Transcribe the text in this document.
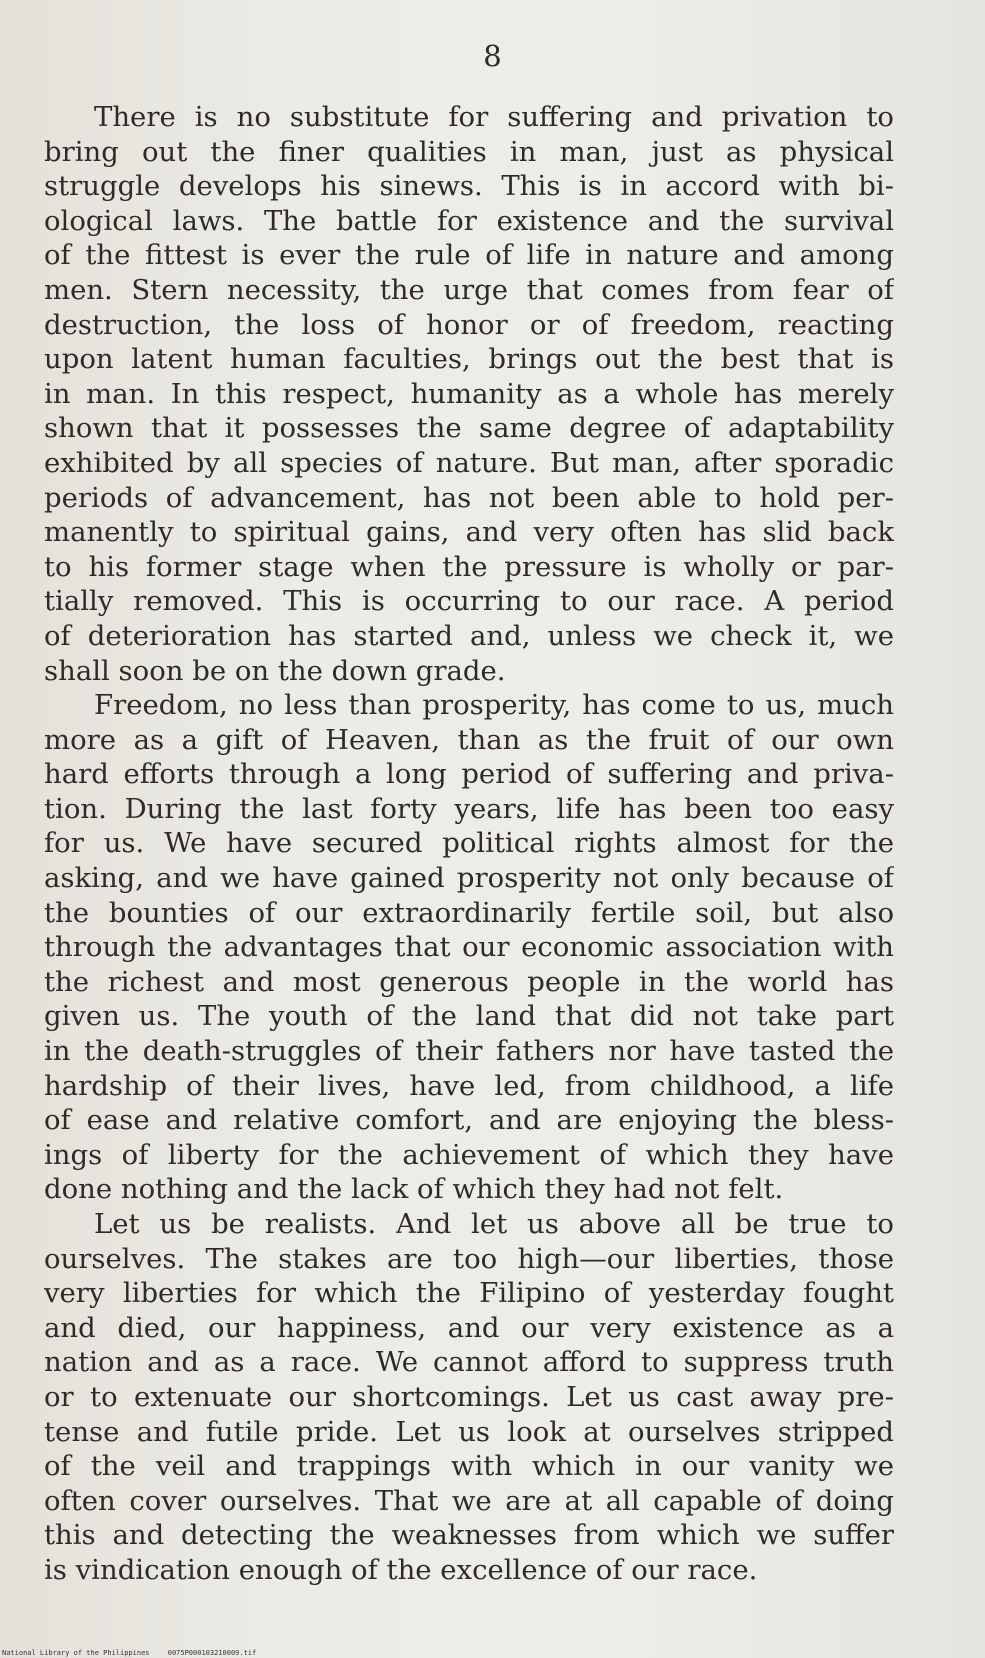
8
There is no substitute for suffering and privation to
bring out the finer qualities in man, just as physical
struggle develops his sinews. This is in accord with bi-
ological laws. The battle for existence and the survival
of the fittest is ever the rule of life in nature and among
men. Stern necessity, the urge that comes from fear of
destruction, the loss of honor or of freedom, reacting
upon latent human faculties, brings out the best that is
in man. In this respect, humanity as a whole has merely
shown that it possesses the same degree of adaptability
exhibited by all species of nature. But man, after sporadic
periods of advancement, has not been able to hold per-
manently to spiritual gains, and very often has slid back
to his former stage when the pressure is wholly or par-
tially removed. This is occurring to our race. A period
of deterioration has started and, unless we check it, we
shall soon be on the down grade.
Freedom, no less than prosperity, has come to us, much
more as a gift of Heaven, than as the fruit of our own
hard efforts through a long period of suffering and priva-
tion. During the last forty years, life has been too easy
for us. We have secured political rights almost for the
asking, and we have gained prosperity not only because of
the bounties of our extraordinarily fertile soil, but also
through the advantages that our economic association with
the richest and most generous people in the world has
given us. The youth of the land that did not take part
in the death-struggles of their fathers nor have tasted the
hardship of their lives, have led, from childhood, a life
of ease and relative comfort, and are enjoying the bless-
ings of liberty for the achievement of which they have
done nothing and the lack of which they had not felt.
Let us be realists. And let us above all be true to
ourselves. The stakes are too high—our liberties, those
very liberties for which the Filipino of yesterday fought
and died, our happiness, and our very existence as a
nation and as a race. We cannot afford to suppress truth
or to extenuate our shortcomings. Let us cast away pre-
tense and futile pride. Let us look at ourselves stripped
of the veil and trappings with which in our vanity we
often cover ourselves. That we are at all capable of doing
this and detecting the weaknesses from which we suffer
is vindication enough of the excellence of our race.
National Library of the Philippines	0075P000103210009.tif
